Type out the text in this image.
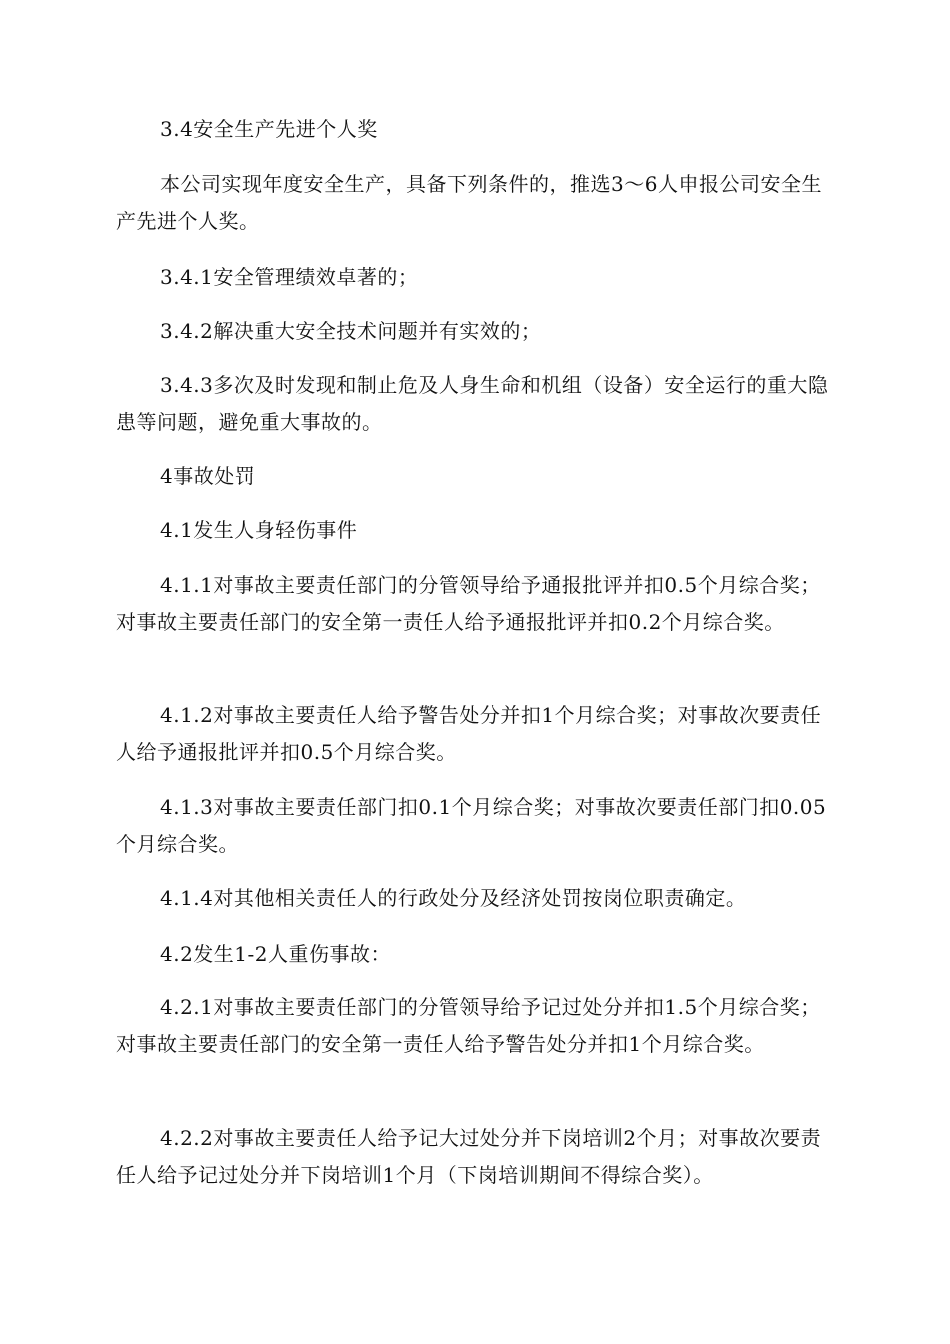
3.4安全生产先进个人奖

本公司实现年度安全生产，具备下列条件的，推选3～6人申报公司安全生产先进个人奖。

3.4.1安全管理绩效卓著的；

3.4.2解决重大安全技术问题并有实效的；

3.4.3多次及时发现和制止危及人身生命和机组（设备）安全运行的重大隐患等问题，避免重大事故的。

4事故处罚

4.1发生人身轻伤事件

4.1.1对事故主要责任部门的分管领导给予通报批评并扣0.5个月综合奖；对事故主要责任部门的安全第一责任人给予通报批评并扣0.2个月综合奖。

4.1.2对事故主要责任人给予警告处分并扣1个月综合奖；对事故次要责任人给予通报批评并扣0.5个月综合奖。

4.1.3对事故主要责任部门扣0.1个月综合奖；对事故次要责任部门扣0.05个月综合奖。

4.1.4对其他相关责任人的行政处分及经济处罚按岗位职责确定。

4.2发生1-2人重伤事故：

4.2.1对事故主要责任部门的分管领导给予记过处分并扣1.5个月综合奖；对事故主要责任部门的安全第一责任人给予警告处分并扣1个月综合奖。

4.2.2对事故主要责任人给予记大过处分并下岗培训2个月；对事故次要责任人给予记过处分并下岗培训1个月（下岗培训期间不得综合奖）。
